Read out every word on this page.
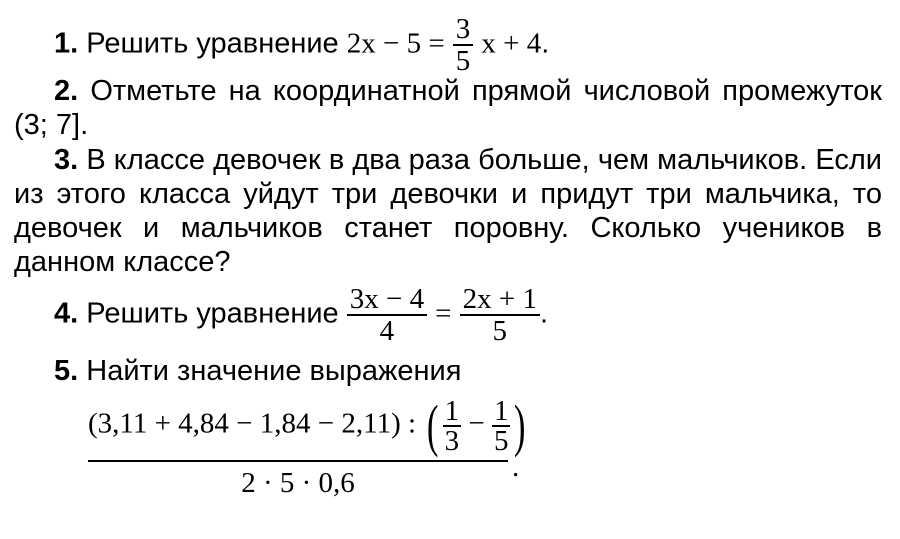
1. Решить уравнение $2x - 5 = \frac{3}{5}$ x + 4.
2. Отметьте на координатной прямой числовой промежуток (3; 7].
3. В классе девочек в два раза больше, чем мальчиков. Если из этого класса уйдут три девочки и придут три мальчика, то девочек и мальчиков станет поровну. Сколько учеников в данном классе?
4. Решить уравнение $\frac{3x - 4}{4} = \frac{2x + 1}{5}$ .
5. Найти значение выражения
(3,11 + 4,84 − 1,84 − 2,11) : ( $\frac{1}{3} - \frac{1}{5}$ )
2 · 5 · 0,6	.
